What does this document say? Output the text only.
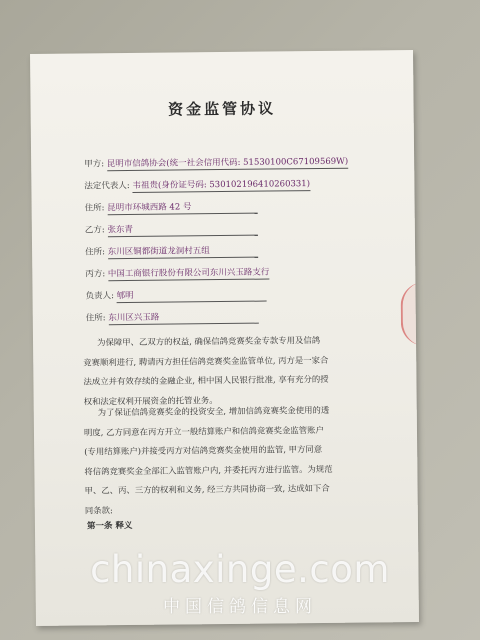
资金监管协议
甲方: 昆明市信鸽协会(统一社会信用代码: 51530100C67109569W)
法定代表人: 韦祖贵(身份证号码: 530102196410260331)
住所: 昆明市环城西路 42 号
乙方: 张东青
住所: 东川区铜都街道龙洞村五组
丙方: 中国工商银行股份有限公司东川兴玉路支行
负责人: 郇明
住所: 东川区兴玉路
为保障甲、乙双方的权益, 确保信鸽竞赛奖金专款专用及信鸽
竞赛顺利进行, 聘请丙方担任信鸽竞赛奖金监管单位, 丙方是一家合
法成立并有效存续的金融企业, 相中国人民银行批准, 享有充分的授
权和法定权利开展资金的托管业务。
为了保证信鸽竞赛奖金的投资安全, 增加信鸽竞赛奖金使用的透
明度, 乙方同意在丙方开立一般结算账户和信鸽竞赛奖金监管账户
(专用结算账户)并接受丙方对信鸽竞赛奖金使用的监管, 甲方同意
将信鸽竞赛奖金全部汇入监管账户内, 并委托丙方进行监管。为规范
甲、乙、丙、三方的权利和义务, 经三方共同协商一致, 达成如下合
同条款:
第一条 释义
chinaxinge.com
中国信鸽信息网
